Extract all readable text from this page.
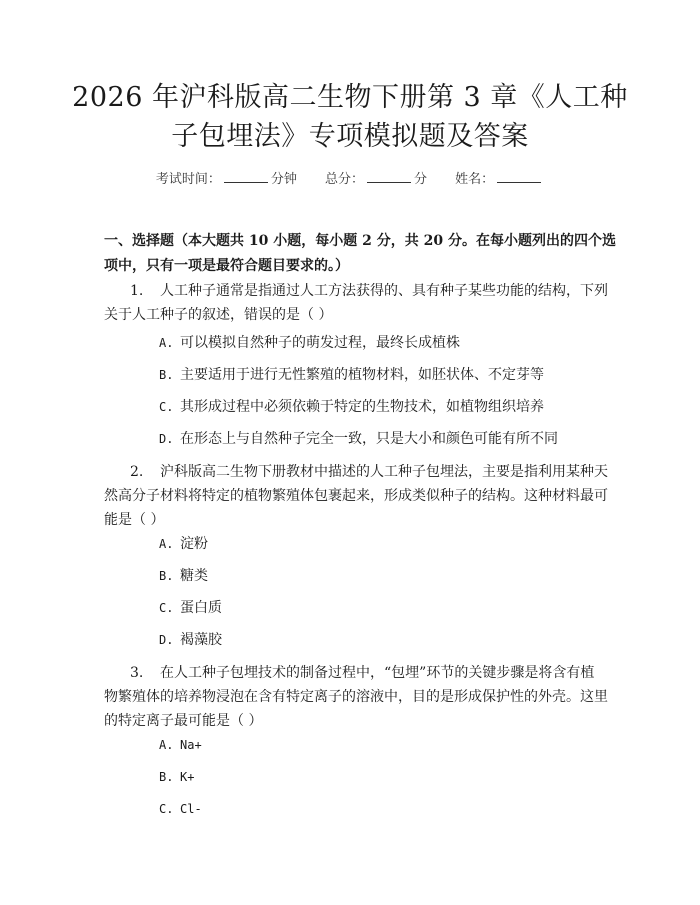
2026 年沪科版高二生物下册第 3 章《人工种
子包埋法》专项模拟题及答案
考试时间：	分钟 总分：	分 姓名：
一、选择题（本大题共 10 小题，每小题 2 分，共 20 分。在每小题列出的四个选
项中，只有一项是最符合题目要求的。）
1. 人工种子通常是指通过人工方法获得的、具有种子某些功能的结构，下列
关于人工种子的叙述，错误的是（ ）
A. 可以模拟自然种子的萌发过程，最终长成植株
B. 主要适用于进行无性繁殖的植物材料，如胚状体、不定芽等
C. 其形成过程中必须依赖于特定的生物技术，如植物组织培养
D. 在形态上与自然种子完全一致，只是大小和颜色可能有所不同
2. 沪科版高二生物下册教材中描述的人工种子包埋法，主要是指利用某种天
然高分子材料将特定的植物繁殖体包裹起来，形成类似种子的结构。这种材料最可
能是（ ）
A. 淀粉
B. 糖类
C. 蛋白质
D. 褐藻胶
3. 在人工种子包埋技术的制备过程中，“包埋”环节的关键步骤是将含有植
物繁殖体的培养物浸泡在含有特定离子的溶液中，目的是形成保护性的外壳。这里
的特定离子最可能是（ ）
A. Na+
B. K+
C. Cl-
